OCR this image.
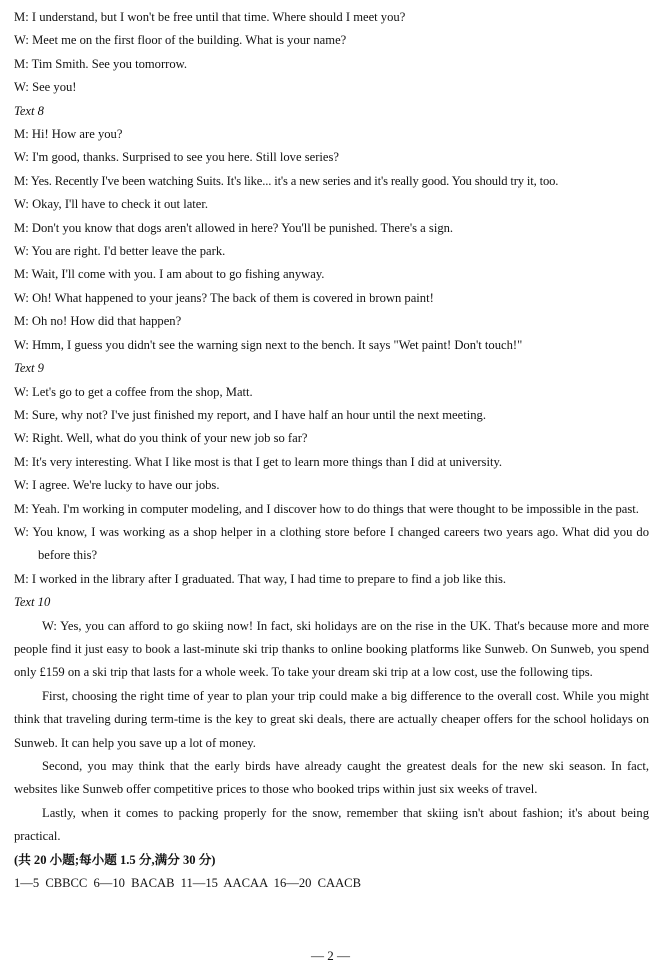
M: I understand, but I won't be free until that time. Where should I meet you?
W: Meet me on the first floor of the building. What is your name?
M: Tim Smith. See you tomorrow.
W: See you!
Text 8
M: Hi! How are you?
W: I'm good, thanks. Surprised to see you here. Still love series?
M: Yes. Recently I've been watching Suits. It's like... it's a new series and it's really good. You should try it, too.
W: Okay, I'll have to check it out later.
M: Don't you know that dogs aren't allowed in here? You'll be punished. There's a sign.
W: You are right. I'd better leave the park.
M: Wait, I'll come with you. I am about to go fishing anyway.
W: Oh! What happened to your jeans? The back of them is covered in brown paint!
M: Oh no! How did that happen?
W: Hmm, I guess you didn't see the warning sign next to the bench. It says "Wet paint! Don't touch!"
Text 9
W: Let's go to get a coffee from the shop, Matt.
M: Sure, why not? I've just finished my report, and I have half an hour until the next meeting.
W: Right. Well, what do you think of your new job so far?
M: It's very interesting. What I like most is that I get to learn more things than I did at university.
W: I agree. We're lucky to have our jobs.
M: Yeah. I'm working in computer modeling, and I discover how to do things that were thought to be impossible in the past.
W: You know, I was working as a shop helper in a clothing store before I changed careers two years ago. What did you do before this?
M: I worked in the library after I graduated. That way, I had time to prepare to find a job like this.
Text 10
W: Yes, you can afford to go skiing now! In fact, ski holidays are on the rise in the UK. That's because more and more people find it just easy to book a last-minute ski trip thanks to online booking platforms like Sunweb. On Sunweb, you spend only £159 on a ski trip that lasts for a whole week. To take your dream ski trip at a low cost, use the following tips.
First, choosing the right time of year to plan your trip could make a big difference to the overall cost. While you might think that traveling during term-time is the key to great ski deals, there are actually cheaper offers for the school holidays on Sunweb. It can help you save up a lot of money.
Second, you may think that the early birds have already caught the greatest deals for the new ski season. In fact, websites like Sunweb offer competitive prices to those who booked trips within just six weeks of travel.
Lastly, when it comes to packing properly for the snow, remember that skiing isn't about fashion; it's about being practical.
(共 20 小题;每小题 1.5 分,满分 30 分)
1—5 CBBCC 6—10 BACAB 11—15 AACAA 16—20 CAACB
— 2 —
